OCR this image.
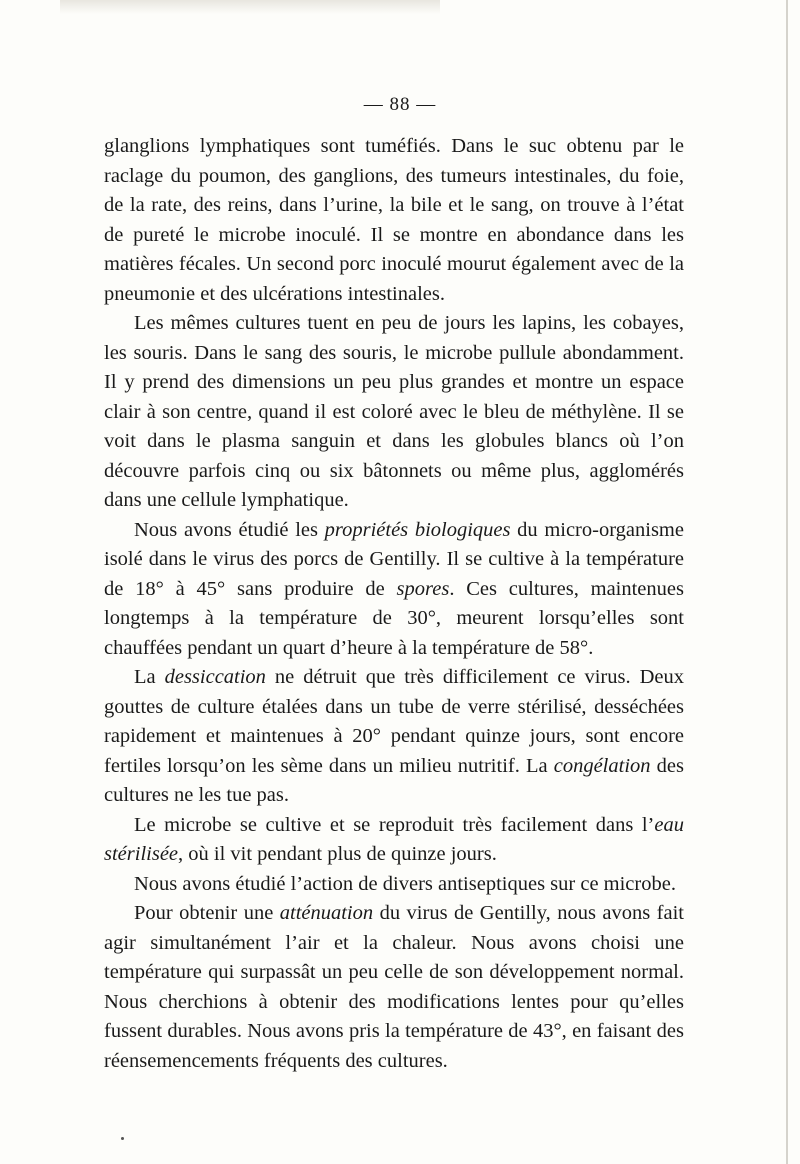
— 88 —

glanglions lymphatiques sont tuméfiés. Dans le suc obtenu par le raclage du poumon, des ganglions, des tumeurs intestinales, du foie, de la rate, des reins, dans l’urine, la bile et le sang, on trouve à l’état de pureté le microbe inoculé. Il se montre en abondance dans les matières fécales. Un second porc inoculé mourut également avec de la pneumonie et des ulcérations intestinales.

Les mêmes cultures tuent en peu de jours les lapins, les cobayes, les souris. Dans le sang des souris, le microbe pullule abondamment. Il y prend des dimensions un peu plus grandes et montre un espace clair à son centre, quand il est coloré avec le bleu de méthylène. Il se voit dans le plasma sanguin et dans les globules blancs où l’on découvre parfois cinq ou six bâtonnets ou même plus, agglomérés dans une cellule lymphatique.

Nous avons étudié les propriétés biologiques du micro-organisme isolé dans le virus des porcs de Gentilly. Il se cultive à la température de 18° à 45° sans produire de spores. Ces cultures, maintenues longtemps à la température de 30°, meurent lorsqu’elles sont chauffées pendant un quart d’heure à la température de 58°.

La dessiccation ne détruit que très difficilement ce virus. Deux gouttes de culture étalées dans un tube de verre stérilisé, desséchées rapidement et maintenues à 20° pendant quinze jours, sont encore fertiles lorsqu’on les sème dans un milieu nutritif. La congélation des cultures ne les tue pas.

Le microbe se cultive et se reproduit très facilement dans l’eau stérilisée, où il vit pendant plus de quinze jours.

Nous avons étudié l’action de divers antiseptiques sur ce microbe.

Pour obtenir une atténuation du virus de Gentilly, nous avons fait agir simultanément l’air et la chaleur. Nous avons choisi une température qui surpassât un peu celle de son développement normal. Nous cherchions à obtenir des modifications lentes pour qu’elles fussent durables. Nous avons pris la température de 43°, en faisant des réensemencements fréquents des cultures.
